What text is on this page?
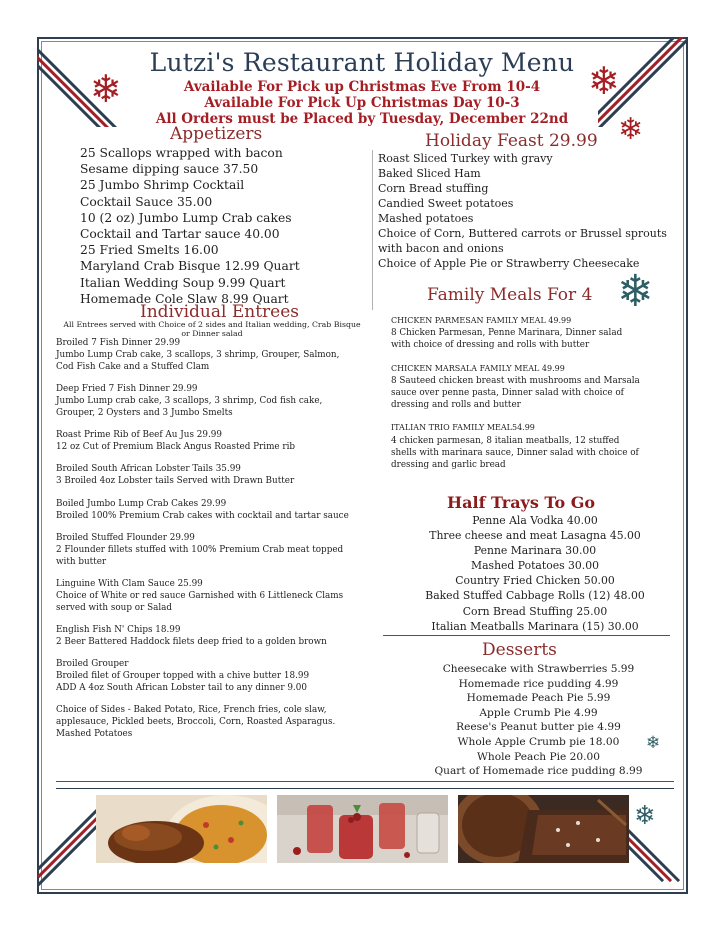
❄	❄
❄
❄
❄
❄
Lutzi's Restaurant Holiday Menu
Available For Pick up Christmas Eve From 10-4
Available For Pick Up Christmas Day 10-3
All Orders must be Placed by Tuesday, December 22nd
Appetizers
25 Scallops wrapped with bacon
Sesame dipping sauce 37.50
25 Jumbo Shrimp Cocktail
Cocktail Sauce 35.00
10 (2 oz) Jumbo Lump Crab cakes
Cocktail and Tartar sauce 40.00
25 Fried Smelts 16.00
Maryland Crab Bisque 12.99 Quart
Italian Wedding Soup 9.99 Quart
Homemade Cole Slaw 8.99 Quart
Holiday Feast 29.99
Roast Sliced Turkey with gravy
Baked Sliced Ham
Corn Bread stuffing
Candied Sweet potatoes
Mashed potatoes
Choice of Corn, Buttered carrots or Brussel sprouts
with bacon and onions
Choice of Apple Pie or Strawberry Cheesecake
Individual Entrees
All Entrees served with Choice of 2 sides and Italian wedding, Crab Bisque
or Dinner salad
Broiled 7 Fish Dinner 29.99
Jumbo Lump Crab cake, 3 scallops, 3 shrimp, Grouper, Salmon,
Cod Fish Cake and a Stuffed Clam
Deep Fried 7 Fish Dinner 29.99
Jumbo Lump crab cake, 3 scallops, 3 shrimp, Cod fish cake,
Grouper, 2 Oysters and 3 Jumbo Smelts
Roast Prime Rib of Beef Au Jus 29.99
12 oz Cut of Premium Black Angus Roasted Prime rib
Broiled South African Lobster Tails 35.99
3 Broiled 4oz Lobster tails Served with Drawn Butter
Boiled Jumbo Lump Crab Cakes 29.99
Broiled 100% Premium Crab cakes with cocktail and tartar sauce
Broiled Stuffed Flounder 29.99
2 Flounder fillets stuffed with 100% Premium Crab meat topped
with butter
Linguine With Clam Sauce 25.99
Choice of White or red sauce Garnished with 6 Littleneck Clams
served with soup or Salad
English Fish N' Chips 18.99
2 Beer Battered Haddock filets deep fried to a golden brown
Broiled Grouper
Broiled filet of Grouper topped with a chive butter 18.99
ADD A 4oz South African Lobster tail to any dinner 9.00
Choice of Sides - Baked Potato, Rice, French fries, cole slaw,
applesauce, Pickled beets, Broccoli, Corn, Roasted Asparagus.
Mashed Potatoes
Family Meals For 4
CHICKEN PARMESAN FAMILY MEAL 49.99
8 Chicken Parmesan, Penne Marinara, Dinner salad
with choice of dressing and rolls with butter
CHICKEN MARSALA FAMILY MEAL 49.99
8 Sauteed chicken breast with mushrooms and Marsala
sauce over penne pasta, Dinner salad with choice of
dressing and rolls and butter
ITALIAN TRIO FAMILY MEAL54.99
4 chicken parmesan, 8 italian meatballs, 12 stuffed
shells with marinara sauce, Dinner salad with choice of
dressing and garlic bread
Half Trays To Go
Penne Ala Vodka 40.00
Three cheese and meat Lasagna 45.00
Penne Marinara 30.00
Mashed Potatoes 30.00
Country Fried Chicken 50.00
Baked Stuffed Cabbage Rolls (12) 48.00
Corn Bread Stuffing 25.00
Italian Meatballs Marinara (15) 30.00
Desserts
Cheesecake with Strawberries 5.99
Homemade rice pudding 4.99
Homemade Peach Pie 5.99
Apple Crumb Pie 4.99
Reese's Peanut butter pie 4.99
Whole Apple Crumb pie 18.00
Whole Peach Pie 20.00
Quart of Homemade rice pudding 8.99
